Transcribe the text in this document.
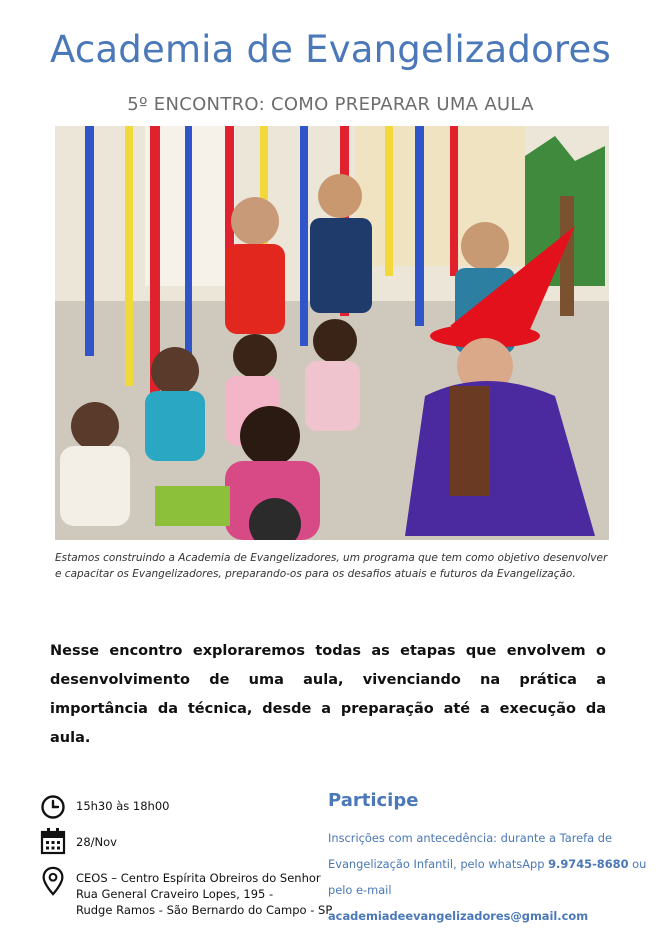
Academia de Evangelizadores
5º ENCONTRO: COMO PREPARAR UMA AULA
Estamos construindo a Academia de Evangelizadores, um programa que tem como objetivo desenvolver
e capacitar os Evangelizadores, preparando-os para os desafios atuais e futuros da Evangelização.
Nesse encontro exploraremos todas as etapas que envolvem o desenvolvimento de uma aula, vivenciando na prática a importância da técnica, desde a preparação até a execução da aula.
15h30 às 18h00
28/Nov
CEOS – Centro Espírita Obreiros do Senhor
Rua General Craveiro Lopes, 195 -
Rudge Ramos - São Bernardo do Campo - SP
Participe
Inscrições com antecedência: durante a Tarefa de Evangelização Infantil, pelo whatsApp 9.9745-8680 ou pelo e-mail academiadeevangelizadores@gmail.com
